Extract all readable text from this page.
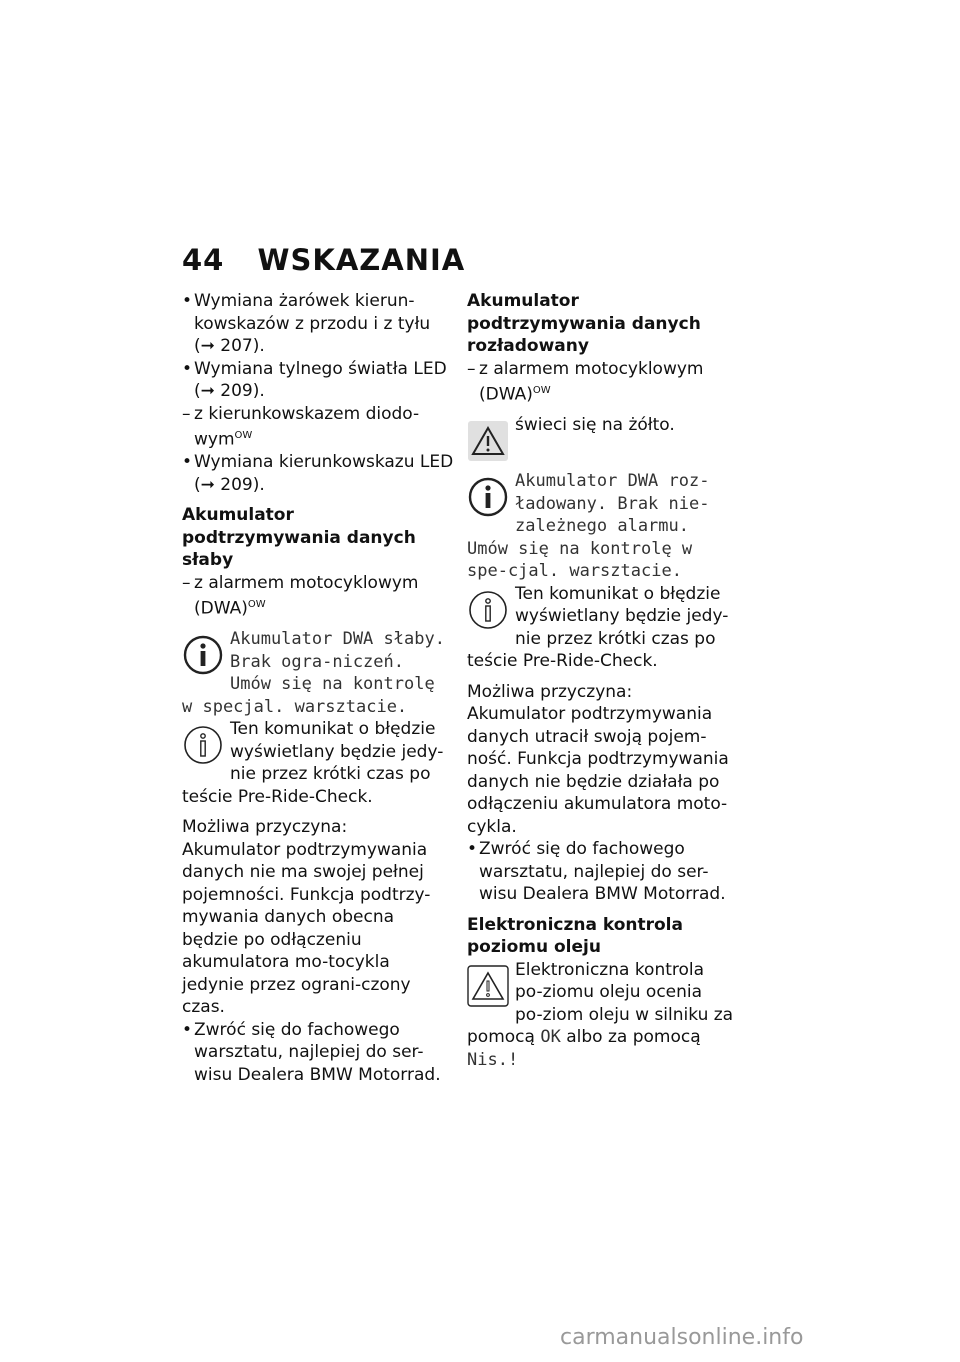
44 WSKAZANIA

• Wymiana żarówek kierun-kowskazów z przodu i z tyłu
(➞ 207).

• Wymiana tylnego światła LED
(➞ 209).

– z kierunkowskazem diodo-wym$^{OW}$

• Wymiana kierunkowskazu LED (➞ 209).

Akumulator podtrzymywania danych słaby

– z alarmem motocyklowym (DWA)$^{OW}$

Akumulator DWA słaby. Brak ogra-niczeń. Umów się na kontrolę w specjal. warsztacie.
Ten komunikat o błędzie wyświetlany będzie jedy-nie przez krótki czas po teście Pre-Ride-Check.

Możliwa przyczyna:

Akumulator podtrzymywania danych nie ma swojej pełnej pojemności. Funkcja podtrzy-mywania danych obecna będzie po odłączeniu akumulatora mo-tocykla jedynie przez ograni-czony czas.

• Zwróć się do fachowego warsztatu, najlepiej do ser-wisu Dealera BMW Motorrad.

Akumulator podtrzymywania danych rozładowany

– z alarmem motocyklowym (DWA)$^{OW}$

świeci się na żółto.
Akumulator DWA roz-ładowany. Brak nie-zależnego alarmu. Umów się na kontrolę w spe-cjal. warsztacie.
Ten komunikat o błędzie wyświetlany będzie jedy-nie przez krótki czas po teście Pre-Ride-Check.

Możliwa przyczyna:

Akumulator podtrzymywania danych utracił swoją pojem-ność. Funkcja podtrzymywania danych nie będzie działała po odłączeniu akumulatora moto-cykla.

• Zwróć się do fachowego warsztatu, najlepiej do ser-wisu Dealera BMW Motorrad.

Elektroniczna kontrola poziomu oleju

Elektroniczna kontrola po-ziomu oleju ocenia po-ziom oleju w silniku za pomocą OK albo za pomocą Nis.!
carmanualsonline.info
